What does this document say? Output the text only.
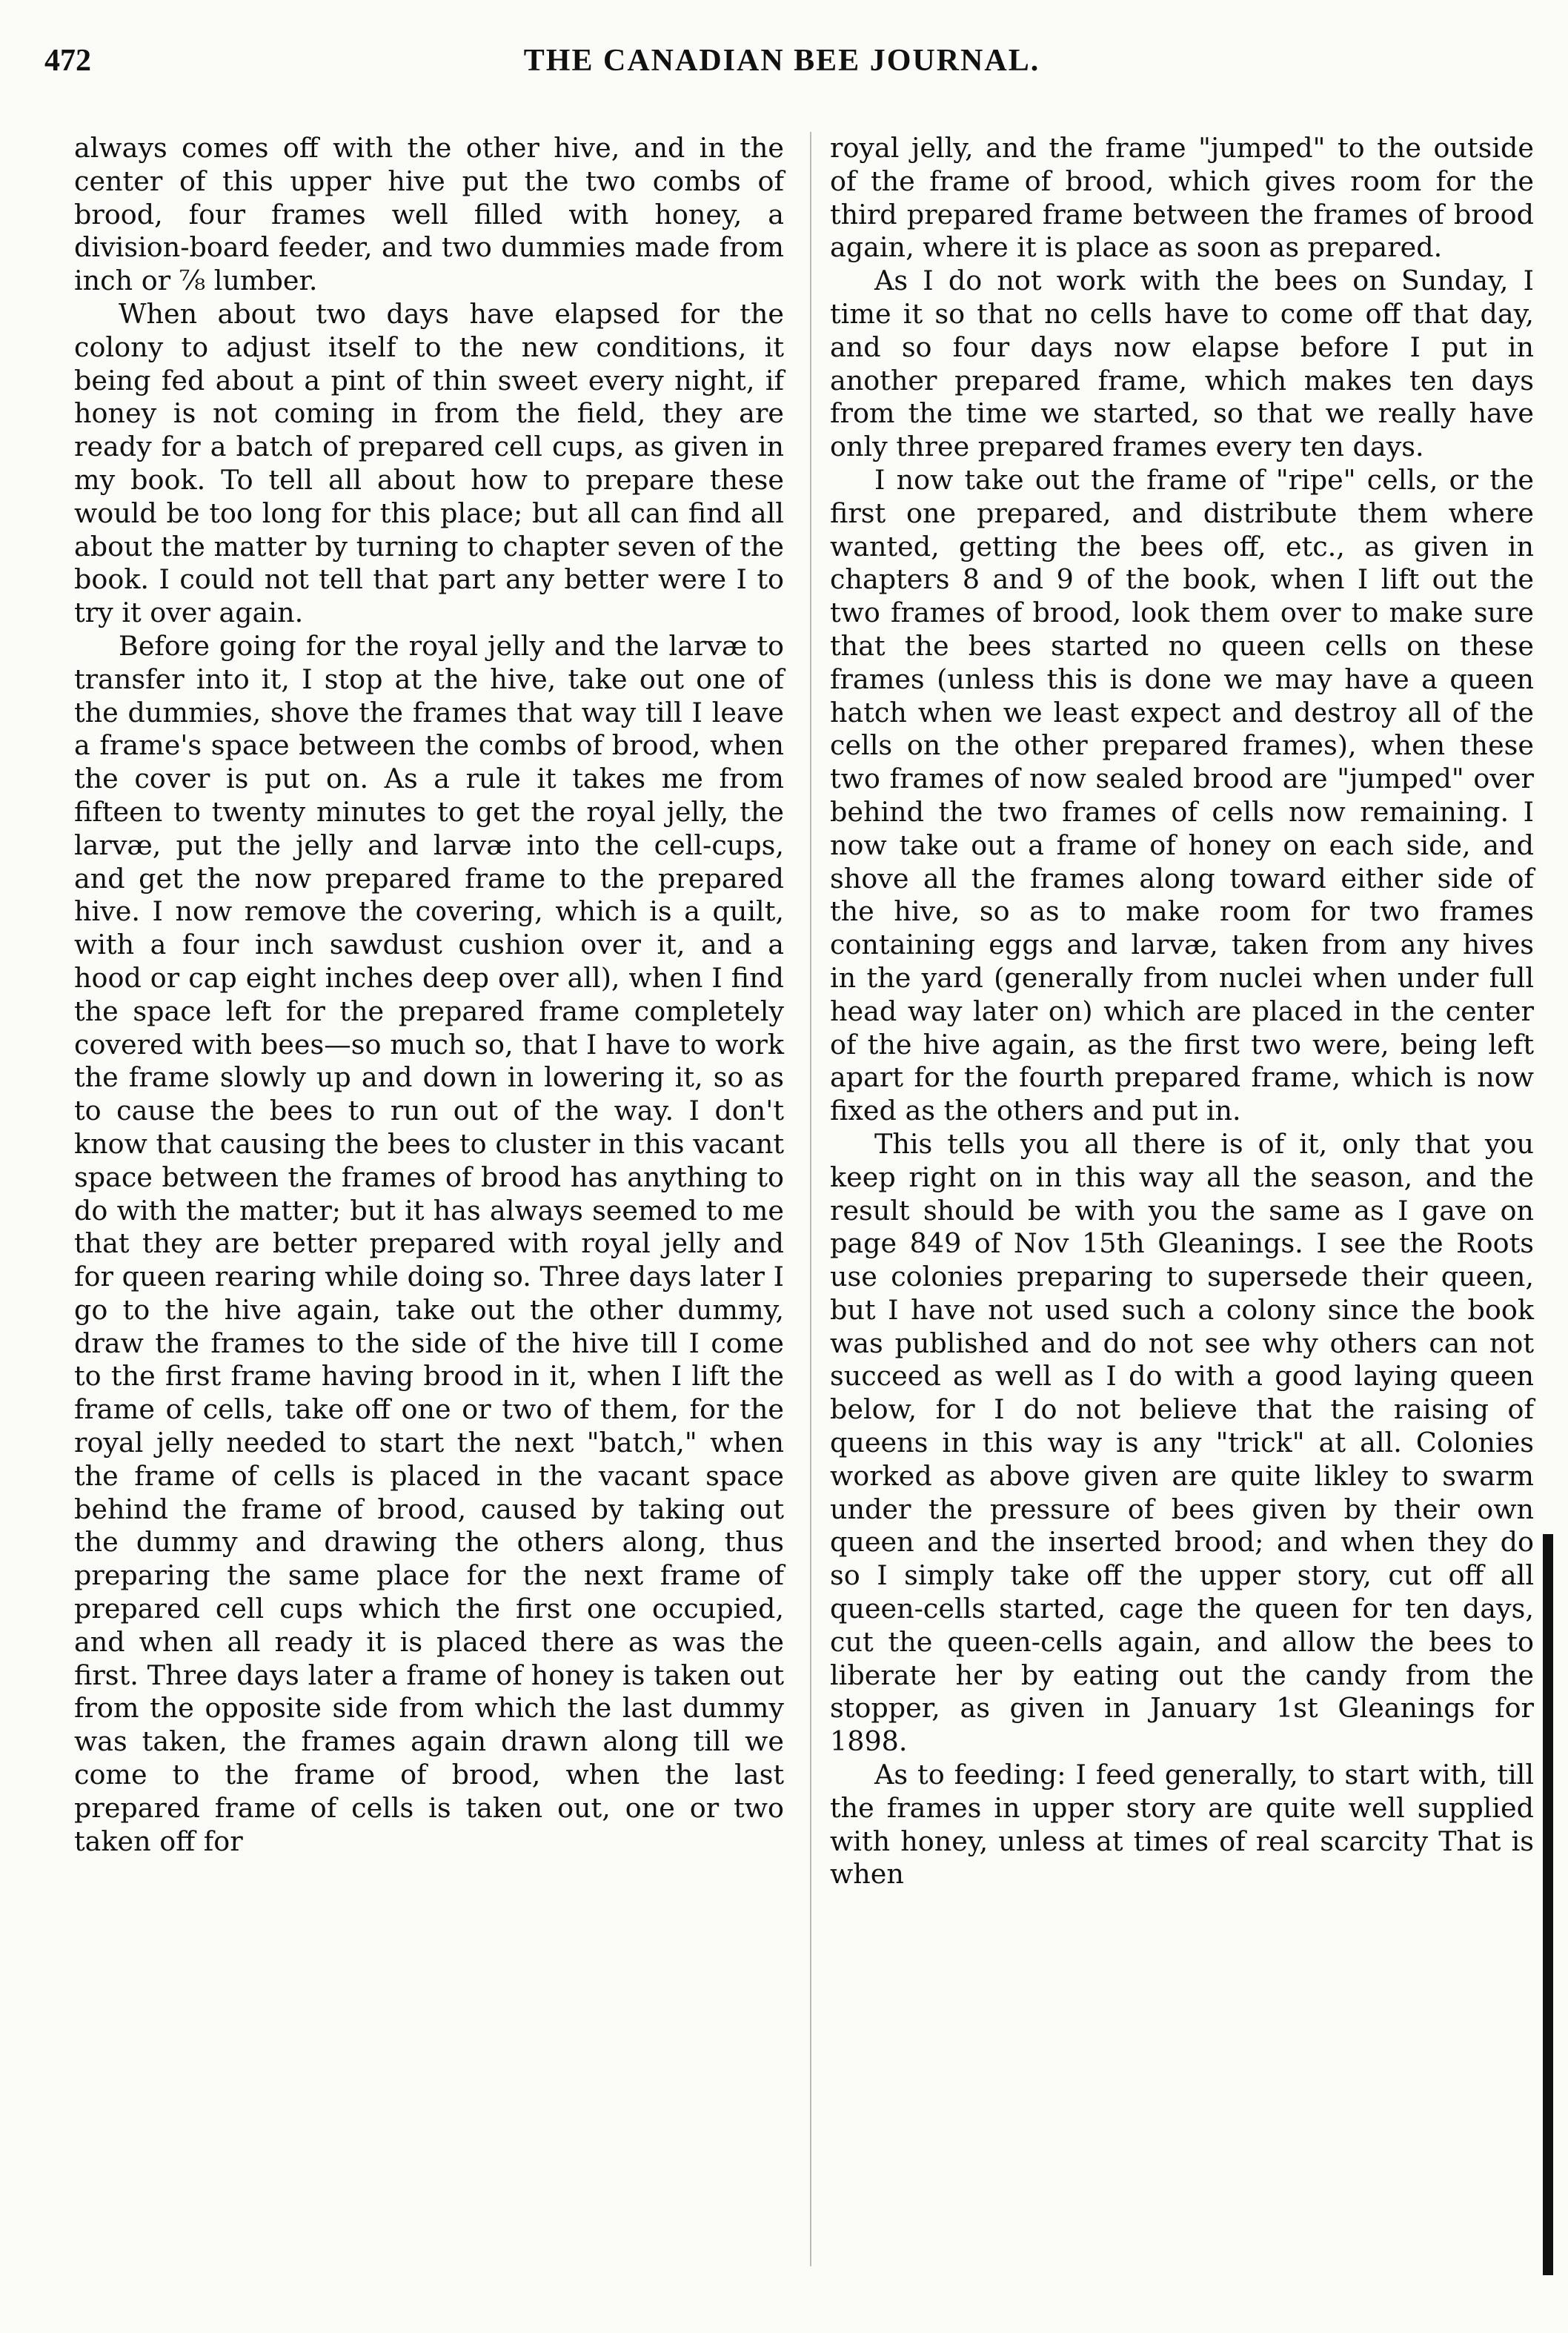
472	THE CANADIAN BEE JOURNAL.

always comes off with the other hive, and in the center of this upper hive put the two combs of brood, four frames well filled with honey, a division-board feeder, and two dummies made from inch or ⅞ lumber.

When about two days have elapsed for the colony to adjust itself to the new conditions, it being fed about a pint of thin sweet every night, if honey is not coming in from the field, they are ready for a batch of prepared cell cups, as given in my book. To tell all about how to prepare these would be too long for this place; but all can find all about the matter by turning to chapter seven of the book. I could not tell that part any better were I to try it over again.

Before going for the royal jelly and the larvæ to transfer into it, I stop at the hive, take out one of the dummies, shove the frames that way till I leave a frame's space between the combs of brood, when the cover is put on. As a rule it takes me from fifteen to twenty minutes to get the royal jelly, the larvæ, put the jelly and larvæ into the cell-cups, and get the now prepared frame to the prepared hive. I now remove the covering, which is a quilt, with a four inch sawdust cushion over it, and a hood or cap eight inches deep over all), when I find the space left for the prepared frame completely covered with bees—so much so, that I have to work the frame slowly up and down in lowering it, so as to cause the bees to run out of the way. I don't know that causing the bees to cluster in this vacant space between the frames of brood has anything to do with the matter; but it has always seemed to me that they are better prepared with royal jelly and for queen rearing while doing so. Three days later I go to the hive again, take out the other dummy, draw the frames to the side of the hive till I come to the first frame having brood in it, when I lift the frame of cells, take off one or two of them, for the royal jelly needed to start the next "batch," when the frame of cells is placed in the vacant space behind the frame of brood, caused by taking out the dummy and drawing the others along, thus preparing the same place for the next frame of prepared cell cups which the first one occupied, and when all ready it is placed there as was the first. Three days later a frame of honey is taken out from the opposite side from which the last dummy was taken, the frames again drawn along till we come to the frame of brood, when the last prepared frame of cells is taken out, one or two taken off for

royal jelly, and the frame "jumped" to the outside of the frame of brood, which gives room for the third prepared frame between the frames of brood again, where it is place as soon as prepared.

As I do not work with the bees on Sunday, I time it so that no cells have to come off that day, and so four days now elapse before I put in another prepared frame, which makes ten days from the time we started, so that we really have only three prepared frames every ten days.

I now take out the frame of "ripe" cells, or the first one prepared, and distribute them where wanted, getting the bees off, etc., as given in chapters 8 and 9 of the book, when I lift out the two frames of brood, look them over to make sure that the bees started no queen cells on these frames (unless this is done we may have a queen hatch when we least expect and destroy all of the cells on the other prepared frames), when these two frames of now sealed brood are "jumped" over behind the two frames of cells now remaining. I now take out a frame of honey on each side, and shove all the frames along toward either side of the hive, so as to make room for two frames containing eggs and larvæ, taken from any hives in the yard (generally from nuclei when under full head way later on) which are placed in the center of the hive again, as the first two were, being left apart for the fourth prepared frame, which is now fixed as the others and put in.

This tells you all there is of it, only that you keep right on in this way all the season, and the result should be with you the same as I gave on page 849 of Nov 15th Gleanings. I see the Roots use colonies preparing to supersede their queen, but I have not used such a colony since the book was published and do not see why others can not succeed as well as I do with a good laying queen below, for I do not believe that the raising of queens in this way is any "trick" at all. Colonies worked as above given are quite likley to swarm under the pressure of bees given by their own queen and the inserted brood; and when they do so I simply take off the upper story, cut off all queen-cells started, cage the queen for ten days, cut the queen-cells again, and allow the bees to liberate her by eating out the candy from the stopper, as given in January 1st Gleanings for 1898.

As to feeding: I feed generally, to start with, till the frames in upper story are quite well supplied with honey, unless at times of real scarcity That is when
